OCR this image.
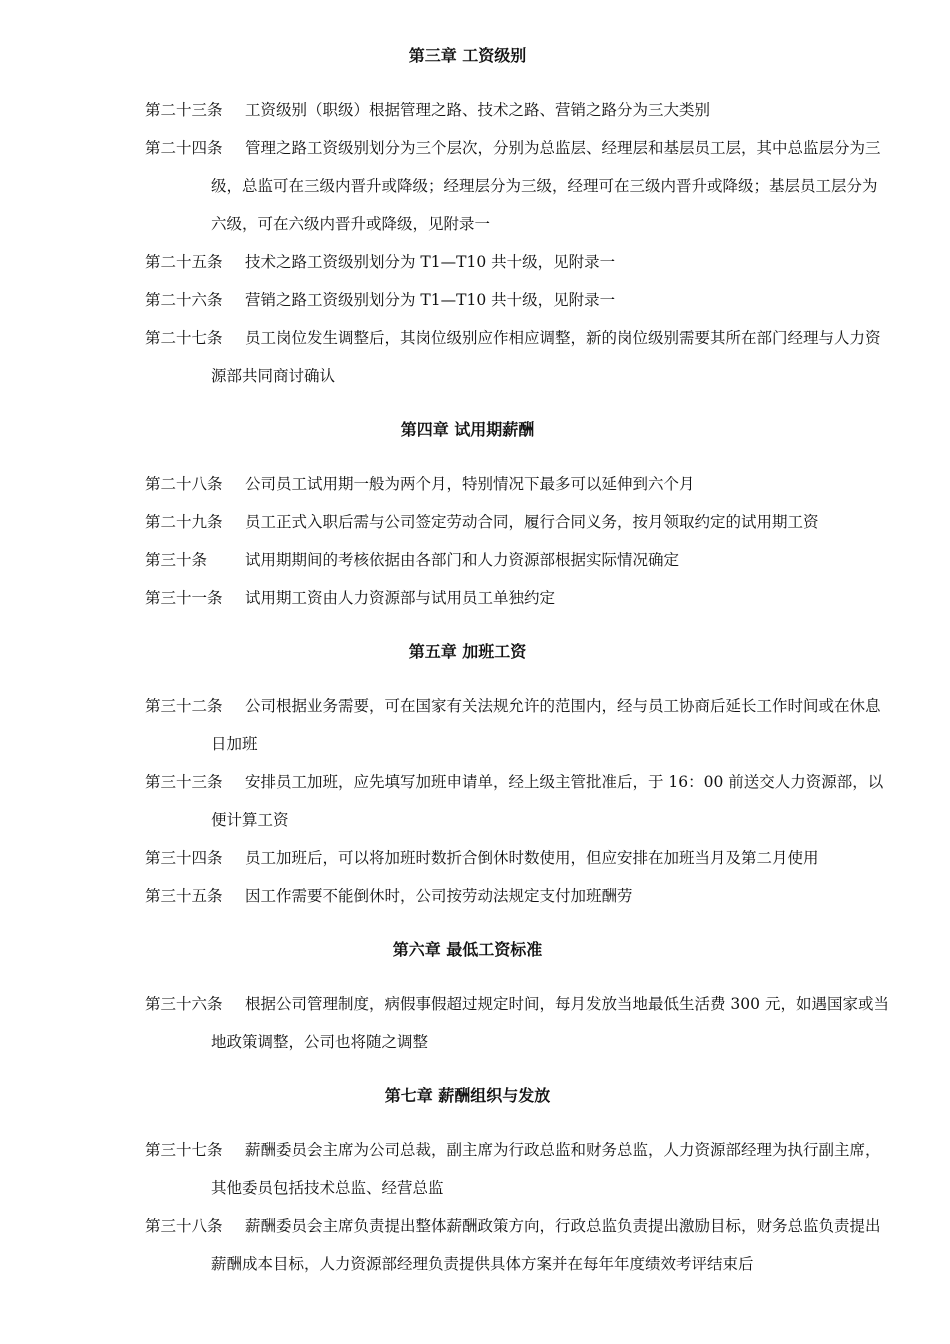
第三章 工资级别
第二十三条 工资级别（职级）根据管理之路、技术之路、营销之路分为三大类别
第二十四条 管理之路工资级别划分为三个层次，分别为总监层、经理层和基层员工层，其中总监层分为三级，总监可在三级内晋升或降级；经理层分为三级，经理可在三级内晋升或降级；基层员工层分为六级，可在六级内晋升或降级，见附录一
第二十五条 技术之路工资级别划分为 T1—T10 共十级，见附录一
第二十六条 营销之路工资级别划分为 T1—T10 共十级，见附录一
第二十七条 员工岗位发生调整后，其岗位级别应作相应调整，新的岗位级别需要其所在部门经理与人力资源部共同商讨确认
第四章 试用期薪酬
第二十八条 公司员工试用期一般为两个月，特别情况下最多可以延伸到六个月
第二十九条 员工正式入职后需与公司签定劳动合同，履行合同义务，按月领取约定的试用期工资
第三十条 试用期期间的考核依据由各部门和人力资源部根据实际情况确定
第三十一条 试用期工资由人力资源部与试用员工单独约定
第五章 加班工资
第三十二条 公司根据业务需要，可在国家有关法规允许的范围内，经与员工协商后延长工作时间或在休息日加班
第三十三条 安排员工加班，应先填写加班申请单，经上级主管批准后，于 16：00 前送交人力资源部，以便计算工资
第三十四条 员工加班后，可以将加班时数折合倒休时数使用，但应安排在加班当月及第二月使用
第三十五条 因工作需要不能倒休时，公司按劳动法规定支付加班酬劳
第六章 最低工资标准
第三十六条 根据公司管理制度，病假事假超过规定时间，每月发放当地最低生活费 300 元，如遇国家或当地政策调整，公司也将随之调整
第七章 薪酬组织与发放
第三十七条 薪酬委员会主席为公司总裁，副主席为行政总监和财务总监，人力资源部经理为执行副主席，其他委员包括技术总监、经营总监
第三十八条 薪酬委员会主席负责提出整体薪酬政策方向，行政总监负责提出激励目标，财务总监负责提出薪酬成本目标，人力资源部经理负责提供具体方案并在每年年度绩效考评结束后
